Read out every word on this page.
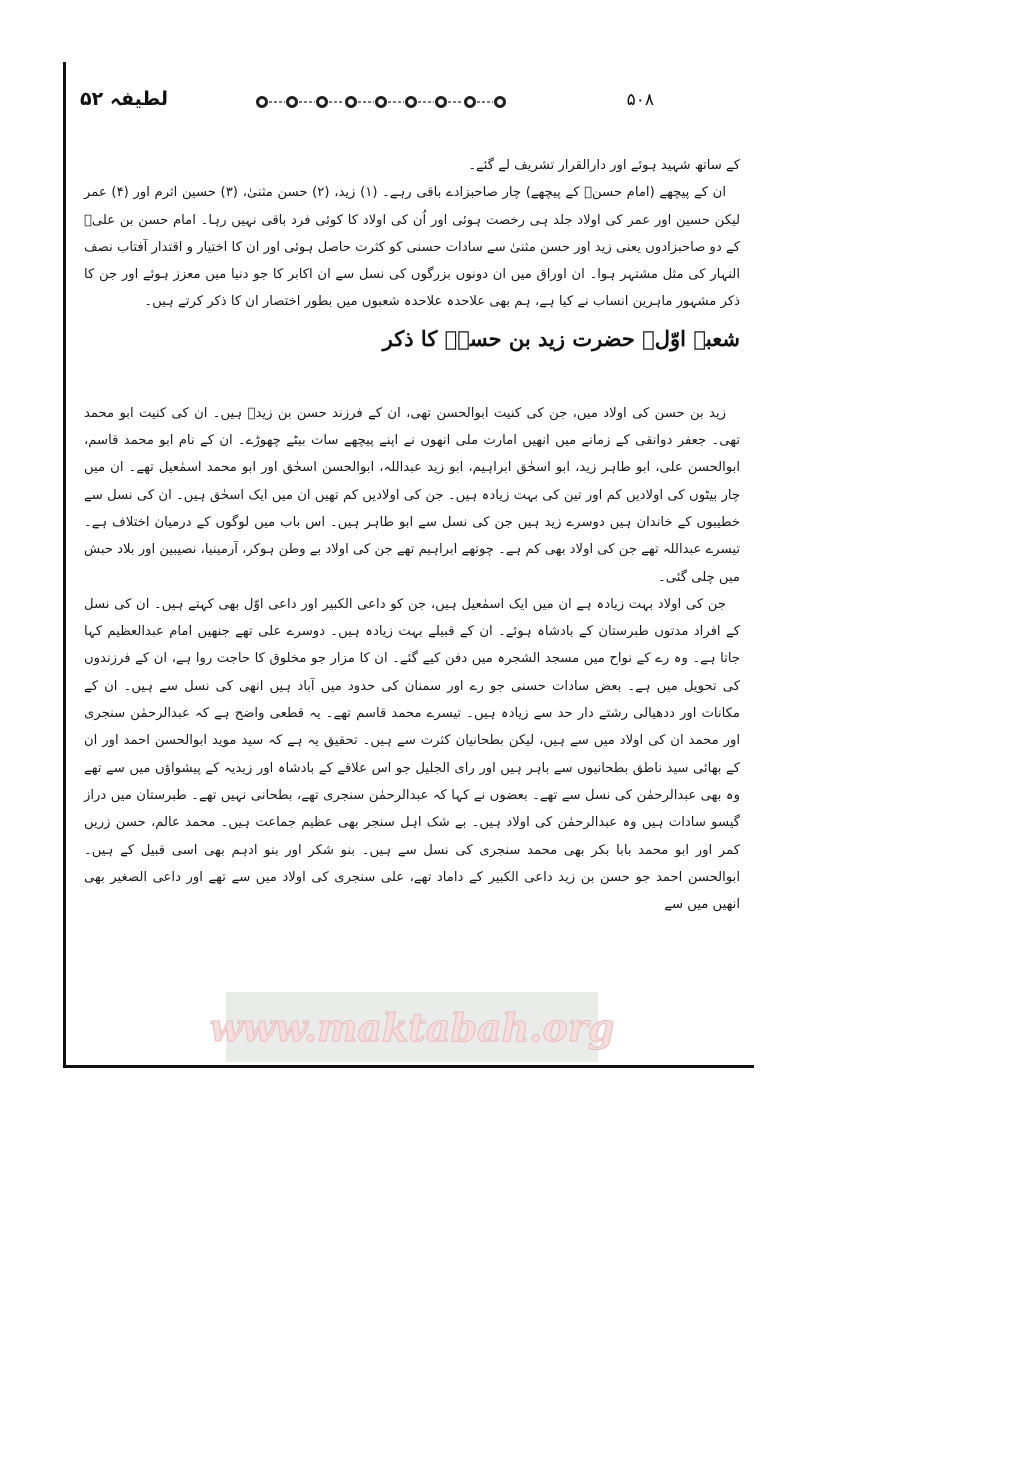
لطیفہ ۵۲	۵۰۸

کے ساتھ شہید ہوئے اور دارالقرار تشریف لے گئے۔

ان کے پیچھے (امام حسنؓ کے پیچھے) چار صاحبزادے باقی رہے۔ (۱) زید، (۲) حسن مثنیٰ، (۳) حسین اثرم اور (۴) عمر لیکن حسین اور عمر کی اولاد جلد ہی رخصت ہوئی اور اُن کی اولاد کا کوئی فرد باقی نہیں رہا۔ امام حسن بن علیؓ کے دو صاحبزادوں یعنی زید اور حسن مثنیٰ سے سادات حسنی کو کثرت حاصل ہوئی اور ان کا اختیار و اقتدار آفتاب نصف النہار کی مثل مشتہر ہوا۔ ان اوراق میں ان دونوں بزرگوں کی نسل سے ان اکابر کا جو دنیا میں معزز ہوئے اور جن کا ذکر مشہور ماہرین انساب نے کیا ہے، ہم بھی علاحدہ علاحدہ شعبوں میں بطور اختصار ان کا ذکر کرتے ہیں۔

شعبۂ اوّل۔ حضرت زید بن حسنؓ کا ذکر

زید بن حسن کی اولاد میں، جن کی کنیت ابوالحسن تھی، ان کے فرزند حسن بن زیدؒ ہیں۔ ان کی کنیت ابو محمد تھی۔ جعفر دوانقی کے زمانے میں انھیں امارت ملی انھوں نے اپنے پیچھے سات بیٹے چھوڑے۔ ان کے نام ابو محمد قاسم، ابوالحسن علی، ابو طاہر زید، ابو اسحٰق ابراہیم، ابو زید عبداللہ، ابوالحسن اسحٰق اور ابو محمد اسمٰعیل تھے۔ ان میں چار بیٹوں کی اولادیں کم اور تین کی بہت زیادہ ہیں۔ جن کی اولادیں کم تھیں ان میں ایک اسحٰق ہیں۔ ان کی نسل سے خطیبوں کے خاندان ہیں دوسرے زید ہیں جن کی نسل سے ابو طاہر ہیں۔ اس باب میں لوگوں کے درمیان اختلاف ہے۔ تیسرے عبداللہ تھے جن کی اولاد بھی کم ہے۔ چوتھے ابراہیم تھے جن کی اولاد بے وطن ہوکر، آرمینیا، نصیبین اور بلاد حبش میں چلی گئی۔

جن کی اولاد بہت زیادہ ہے ان میں ایک اسمٰعیل ہیں، جن کو داعی الکبیر اور داعی اوّل بھی کہتے ہیں۔ ان کی نسل کے افراد مدتوں طبرستان کے بادشاہ ہوئے۔ ان کے قبیلے بہت زیادہ ہیں۔ دوسرے علی تھے جنھیں امام عبدالعظیم کہا جاتا ہے۔ وہ رے کے نواح میں مسجد الشجرہ میں دفن کیے گئے۔ ان کا مزار جو مخلوق کا حاجت روا ہے، ان کے فرزندوں کی تحویل میں ہے۔ بعض سادات حسنی جو رے اور سمنان کی حدود میں آباد ہیں انھی کی نسل سے ہیں۔ ان کے مکانات اور ددھیالی رشتے دار حد سے زیادہ ہیں۔ تیسرے محمد قاسم تھے۔ یہ قطعی واضح ہے کہ عبدالرحمٰن سنجری اور محمد ان کی اولاد میں سے ہیں، لیکن بطحانیان کثرت سے ہیں۔ تحقیق یہ ہے کہ سید موید ابوالحسن احمد اور ان کے بھائی سید ناطق بطحانیوں سے باہر ہیں اور رای الجلیل جو اس علاقے کے بادشاہ اور زیدیہ کے پیشواؤں میں سے تھے وہ بھی عبدالرحمٰن کی نسل سے تھے۔ بعضوں نے کہا کہ عبدالرحمٰن سنجری تھے، بطحانی نہیں تھے۔ طبرستان میں دراز گیسو سادات ہیں وہ عبدالرحمٰن کی اولاد ہیں۔ بے شک اہل سنجر بھی عظیم جماعت ہیں۔ محمد عالم، حسن زریں کمر اور ابو محمد بابا بکر بھی محمد سنجری کی نسل سے ہیں۔ بنو شکر اور بنو ادہم بھی اسی قبیل کے ہیں۔ ابوالحسن احمد جو حسن بن زید داعی الکبیر کے داماد تھے، علی سنجری کی اولاد میں سے تھے اور داعی الصغیر بھی انھیں میں سے

www.maktabah.org
